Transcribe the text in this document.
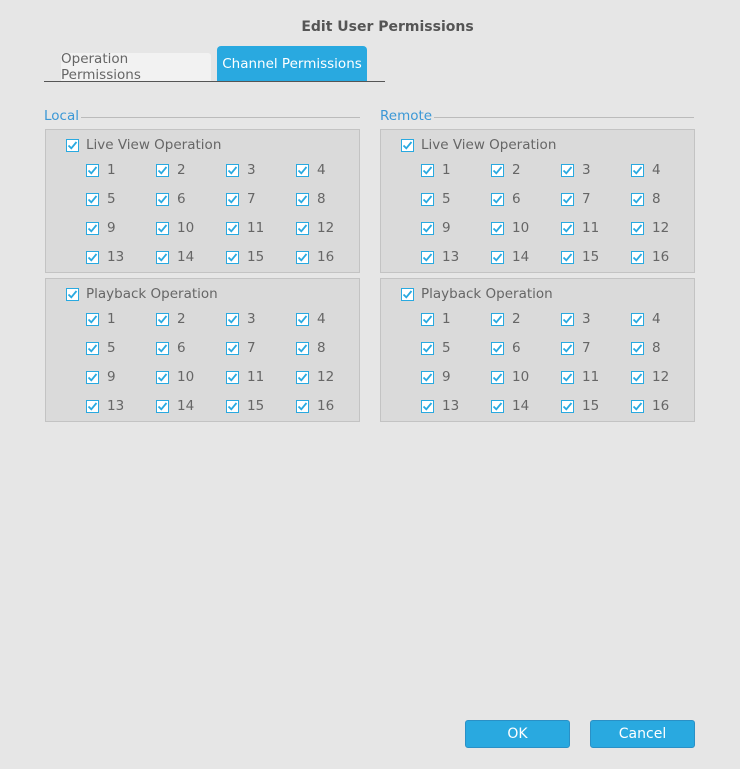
Edit User Permissions
Operation Permissions
Channel Permissions
Local
Live View Operation
1	2	3	4
5	6	7	8
9	10	11	12
13	14	15	16
Playback Operation
1	2	3	4
5	6	7	8
9	10	11	12
13	14	15	16
Remote
Live View Operation
1	2	3	4
5	6	7	8
9	10	11	12
13	14	15	16
Playback Operation
1	2	3	4
5	6	7	8
9	10	11	12
13	14	15	16
OK	Cancel
